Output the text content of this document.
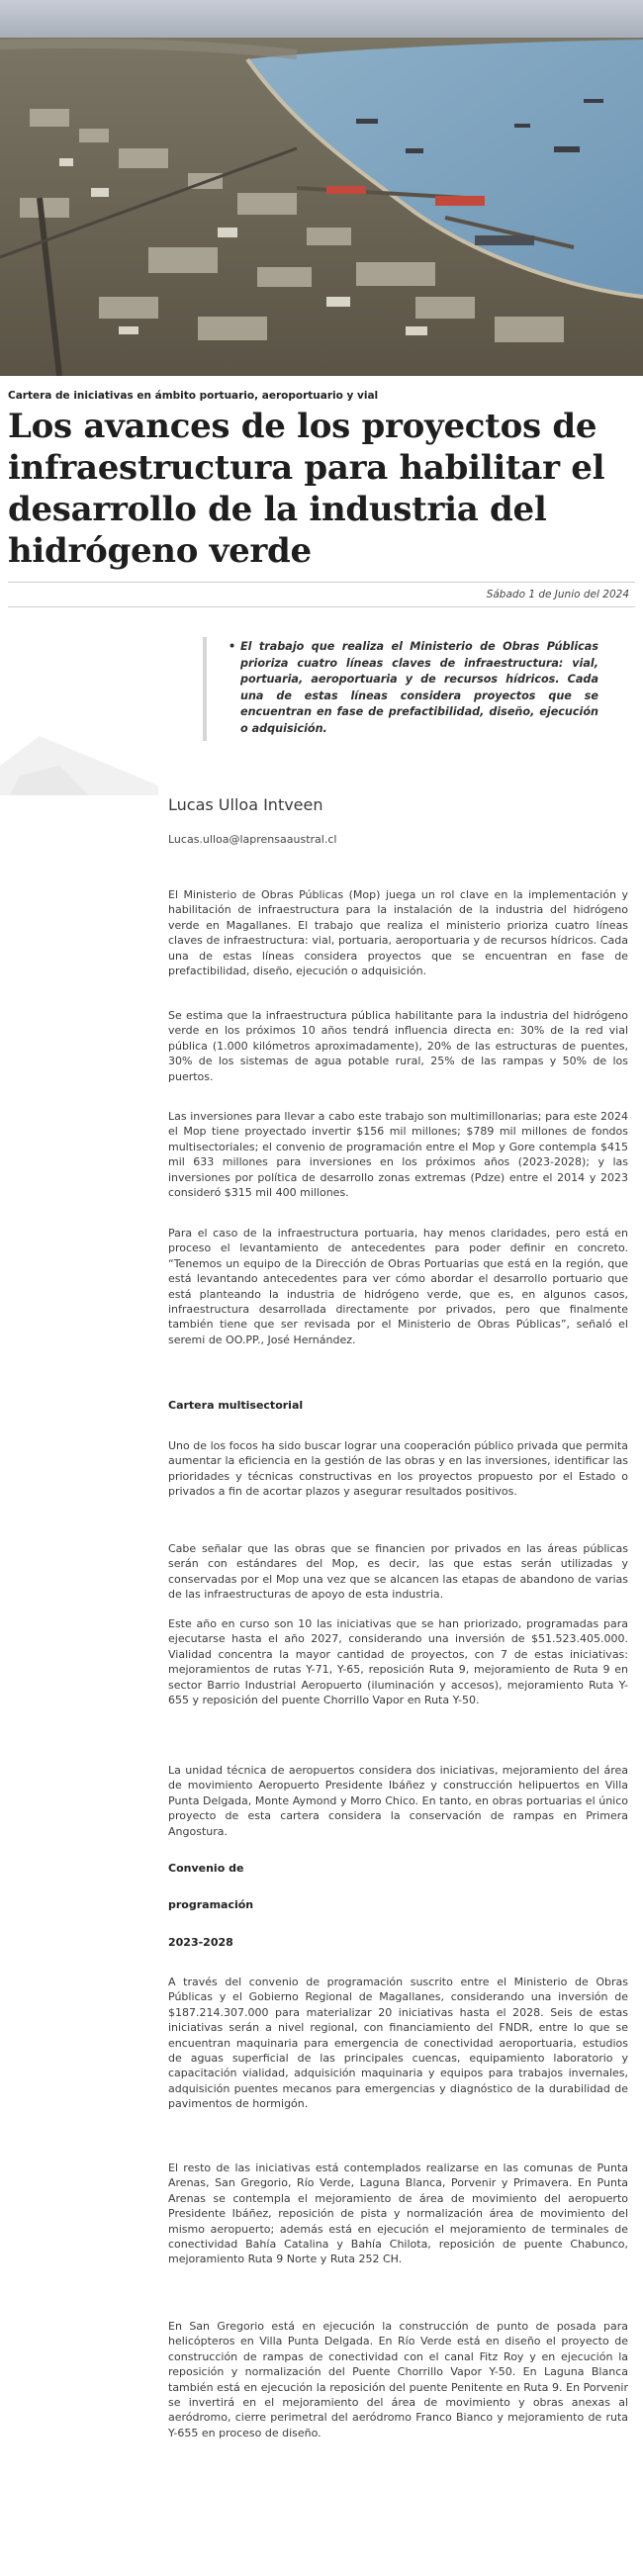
Cartera de iniciativas en ámbito portuario, aeroportuario y vial
Los avances de los proyectos de infraestructura para habilitar el desarrollo de la industria del hidrógeno verde
Sábado 1 de Junio del 2024
• El trabajo que realiza el Ministerio de Obras Públicas prioriza cuatro líneas claves de infraestructura: vial, portuaria, aeroportuaria y de recursos hídricos. Cada una de estas líneas considera proyectos que se encuentran en fase de prefactibilidad, diseño, ejecución o adquisición.
Lucas Ulloa Intveen
Lucas.ulloa@laprensaaustral.cl

El Ministerio de Obras Públicas (Mop) juega un rol clave en la implementación y habilitación de infraestructura para la instalación de la industria del hidrógeno verde en Magallanes. El trabajo que realiza el ministerio prioriza cuatro líneas claves de infraestructura: vial, portuaria, aeroportuaria y de recursos hídricos. Cada una de estas líneas considera proyectos que se encuentran en fase de prefactibilidad, diseño, ejecución o adquisición.

Se estima que la infraestructura pública habilitante para la industria del hidrógeno verde en los próximos 10 años tendrá influencia directa en: 30% de la red vial pública (1.000 kilómetros aproximadamente), 20% de las estructuras de puentes, 30% de los sistemas de agua potable rural, 25% de las rampas y 50% de los puertos.

Las inversiones para llevar a cabo este trabajo son multimillonarias; para este 2024 el Mop tiene proyectado invertir $156 mil millones; $789 mil millones de fondos multisectoriales; el convenio de programación entre el Mop y Gore contempla $415 mil 633 millones para inversiones en los próximos años (2023-2028); y las inversiones por política de desarrollo zonas extremas (Pdze) entre el 2014 y 2023 consideró $315 mil 400 millones.

Para el caso de la infraestructura portuaria, hay menos claridades, pero está en proceso el levantamiento de antecedentes para poder definir en concreto. “Tenemos un equipo de la Dirección de Obras Portuarias que está en la región, que está levantando antecedentes para ver cómo abordar el desarrollo portuario que está planteando la industria de hidrógeno verde, que es, en algunos casos, infraestructura desarrollada directamente por privados, pero que finalmente también tiene que ser revisada por el Ministerio de Obras Públicas”, señaló el seremi de OO.PP., José Hernández.

Cartera multisectorial

Uno de los focos ha sido buscar lograr una cooperación público privada que permita aumentar la eficiencia en la gestión de las obras y en las inversiones, identificar las prioridades y técnicas constructivas en los proyectos propuesto por el Estado o privados a fin de acortar plazos y asegurar resultados positivos.

Cabe señalar que las obras que se financien por privados en las áreas públicas serán con estándares del Mop, es decir, las que estas serán utilizadas y conservadas por el Mop una vez que se alcancen las etapas de abandono de varias de las infraestructuras de apoyo de esta industria.

Este año en curso son 10 las iniciativas que se han priorizado, programadas para ejecutarse hasta el año 2027, considerando una inversión de $51.523.405.000. Vialidad concentra la mayor cantidad de proyectos, con 7 de estas iniciativas: mejoramientos de rutas Y-71, Y-65, reposición Ruta 9, mejoramiento de Ruta 9 en sector Barrio Industrial Aeropuerto (iluminación y accesos), mejoramiento Ruta Y-655 y reposición del puente Chorrillo Vapor en Ruta Y-50.

La unidad técnica de aeropuertos considera dos iniciativas, mejoramiento del área de movimiento Aeropuerto Presidente Ibáñez y construcción helipuertos en Villa Punta Delgada, Monte Aymond y Morro Chico. En tanto, en obras portuarias el único proyecto de esta cartera considera la conservación de rampas en Primera Angostura.

Convenio de
programación
2023-2028

A través del convenio de programación suscrito entre el Ministerio de Obras Públicas y el Gobierno Regional de Magallanes, considerando una inversión de $187.214.307.000 para materializar 20 iniciativas hasta el 2028. Seis de estas iniciativas serán a nivel regional, con financiamiento del FNDR, entre lo que se encuentran maquinaria para emergencia de conectividad aeroportuaria, estudios de aguas superficial de las principales cuencas, equipamiento laboratorio y capacitación vialidad, adquisición maquinaria y equipos para trabajos invernales, adquisición puentes mecanos para emergencias y diagnóstico de la durabilidad de pavimentos de hormigón.

El resto de las iniciativas está contemplados realizarse en las comunas de Punta Arenas, San Gregorio, Río Verde, Laguna Blanca, Porvenir y Primavera. En Punta Arenas se contempla el mejoramiento de área de movimiento del aeropuerto Presidente Ibáñez, reposición de pista y normalización área de movimiento del mismo aeropuerto; además está en ejecución el mejoramiento de terminales de conectividad Bahía Catalina y Bahía Chilota, reposición de puente Chabunco, mejoramiento Ruta 9 Norte y Ruta 252 CH.

En San Gregorio está en ejecución la construcción de punto de posada para helicópteros en Villa Punta Delgada. En Río Verde está en diseño el proyecto de construcción de rampas de conectividad con el canal Fitz Roy y en ejecución la reposición y normalización del Puente Chorrillo Vapor Y-50. En Laguna Blanca también está en ejecución la reposición del puente Penitente en Ruta 9. En Porvenir se invertirá en el mejoramiento del área de movimiento y obras anexas al aeródromo, cierre perimetral del aeródromo Franco Bianco y mejoramiento de ruta Y-655 en proceso de diseño.
